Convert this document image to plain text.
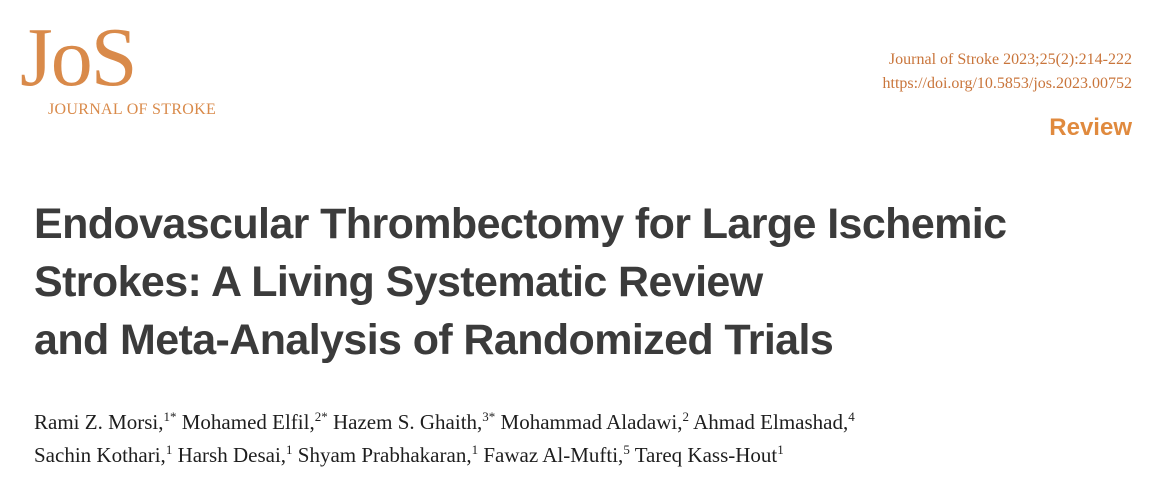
JoS
JOURNAL OF STROKE
Journal of Stroke 2023;25(2):214-222
https://doi.org/10.5853/jos.2023.00752
Review
Endovascular Thrombectomy for Large Ischemic
Strokes: A Living Systematic Review
and Meta-Analysis of Randomized Trials
Rami Z. Morsi,$^{1*}$ Mohamed Elfil,$^{2*}$ Hazem S. Ghaith,$^{3*}$ Mohammad Aladawi,$^2$ Ahmad Elmashad,$^4$
Sachin Kothari,$^1$ Harsh Desai,$^1$ Shyam Prabhakaran,$^1$ Fawaz Al-Mufti,$^5$ Tareq Kass-Hout$^1$
